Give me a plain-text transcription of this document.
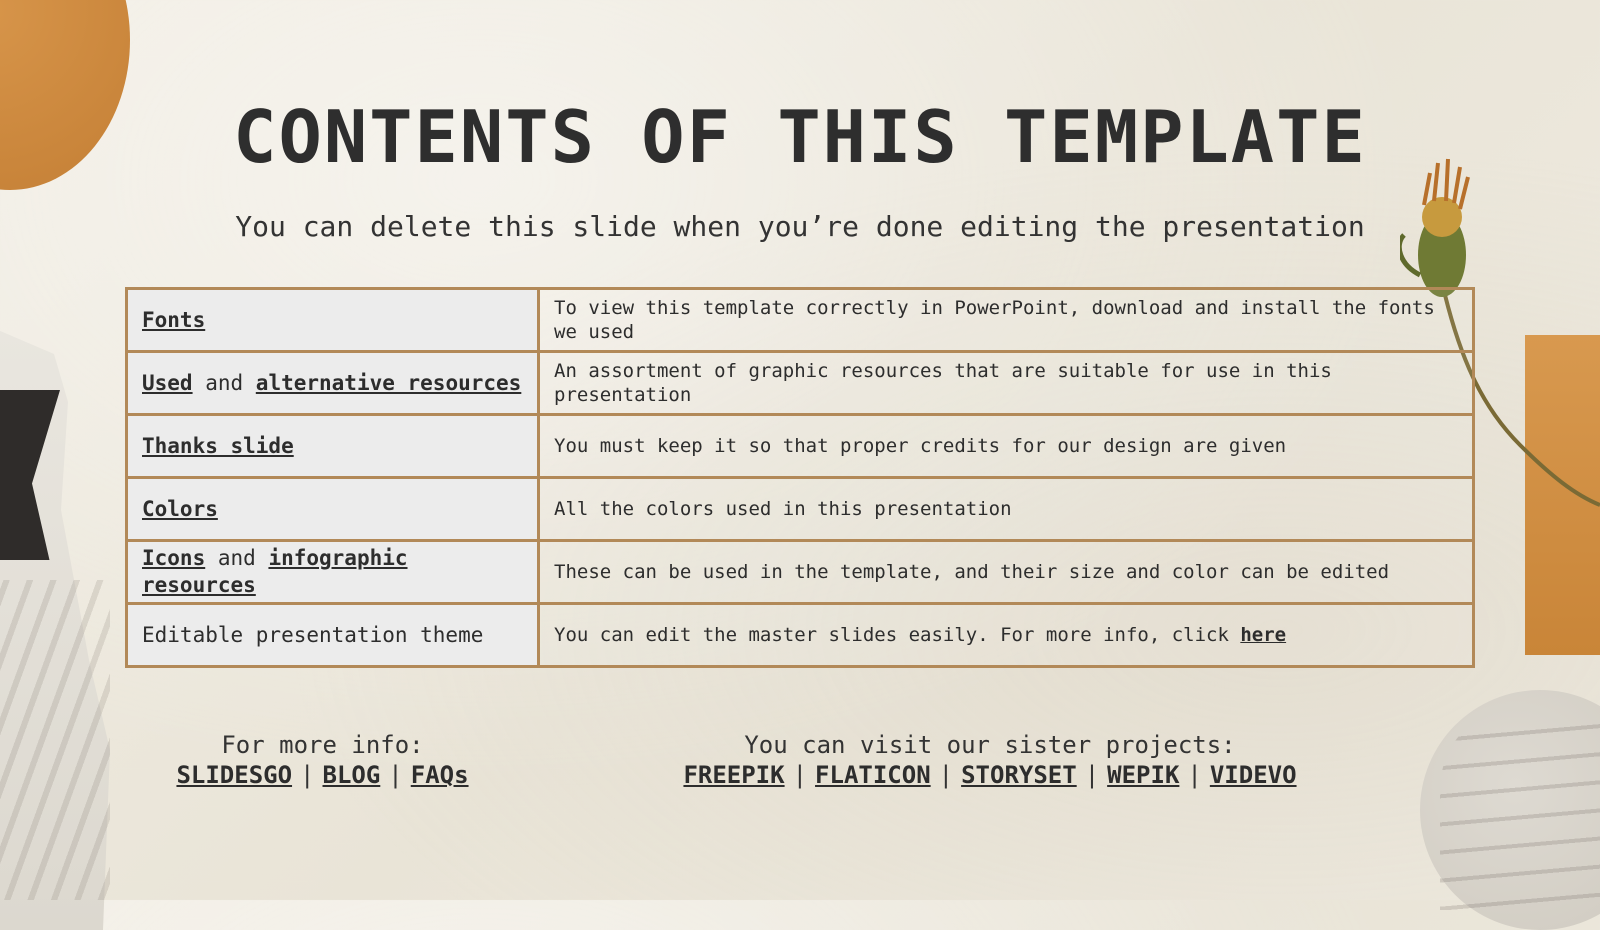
CONTENTS OF THIS TEMPLATE

You can delete this slide when you’re done editing the presentation

Fonts	To view this template correctly in PowerPoint, download and install the fonts we used
Used and alternative resources	An assortment of graphic resources that are suitable for use in this presentation
Thanks slide	You must keep it so that proper credits for our design are given
Colors	All the colors used in this presentation
Icons and infographic resources	These can be used in the template, and their size and color can be edited
Editable presentation theme	You can edit the master slides easily. For more info, click here
For more info:
SLIDESGO | BLOG | FAQs
You can visit our sister projects:
FREEPIK | FLATICON | STORYSET | WEPIK | VIDEVO
